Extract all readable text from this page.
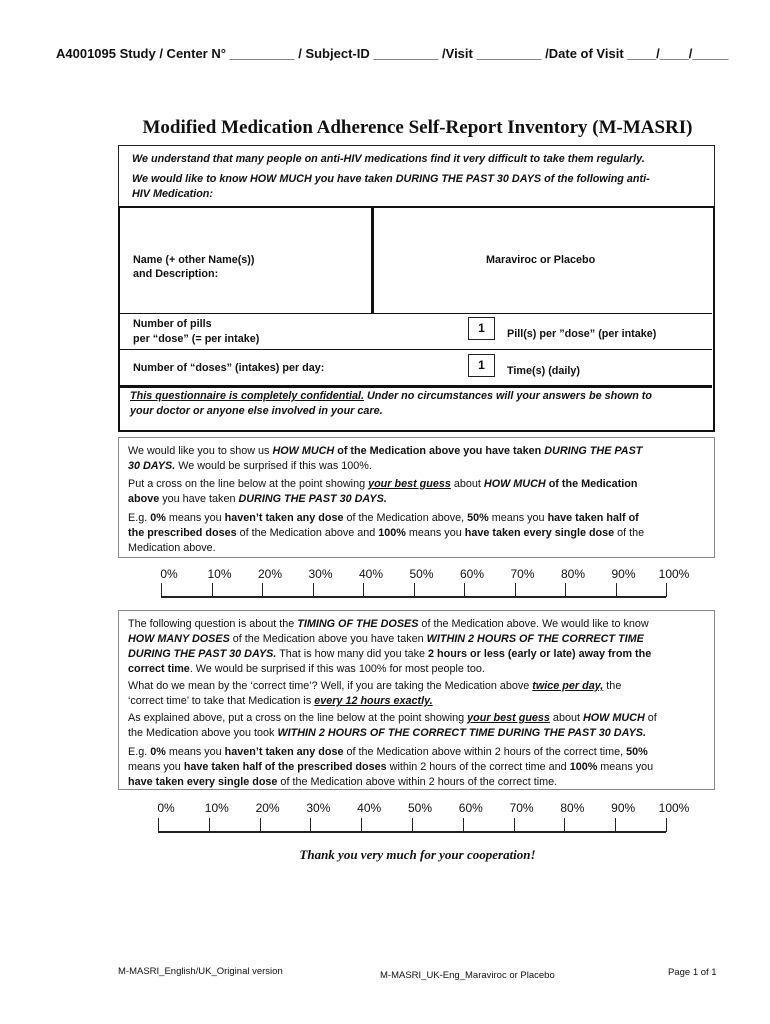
A4001095 Study / Center N° _________ / Subject-ID _________ /Visit _________ /Date of Visit ____/____/_____
Modified Medication Adherence Self-Report Inventory (M-MASRI)
We understand that many people on anti-HIV medications find it very difficult to take them regularly.
We would like to know HOW MUCH you have taken DURING THE PAST 30 DAYS of the following anti-
HIV Medication:
Name (+ other Name(s))
and Description:
Maraviroc or Placebo
Number of pills
per “dose” (= per intake)
1	Pill(s) per ”dose” (per intake)
Number of “doses” (intakes) per day:	1	Time(s) (daily)
This questionnaire is completely confidential. Under no circumstances will your answers be shown to
your doctor or anyone else involved in your care.
We would like you to show us HOW MUCH of the Medication above you have taken DURING THE PAST
30 DAYS. We would be surprised if this was 100%.
Put a cross on the line below at the point showing your best guess about HOW MUCH of the Medication
above you have taken DURING THE PAST 30 DAYS.
E.g. 0% means you haven’t taken any dose of the Medication above, 50% means you have taken half of
the prescribed doses of the Medication above and 100% means you have taken every single dose of the
Medication above.
0% 10% 20% 30% 40% 50% 60% 70% 80% 90% 100%
The following question is about the TIMING OF THE DOSES of the Medication above. We would like to know
HOW MANY DOSES of the Medication above you have taken WITHIN 2 HOURS OF THE CORRECT TIME
DURING THE PAST 30 DAYS. That is how many did you take 2 hours or less (early or late) away from the
correct time. We would be surprised if this was 100% for most people too.
What do we mean by the ‘correct time’? Well, if you are taking the Medication above twice per day, the
‘correct time’ to take that Medication is every 12 hours exactly.
As explained above, put a cross on the line below at the point showing your best guess about HOW MUCH of
the Medication above you took WITHIN 2 HOURS OF THE CORRECT TIME DURING THE PAST 30 DAYS.
E.g. 0% means you haven’t taken any dose of the Medication above within 2 hours of the correct time, 50%
means you have taken half of the prescribed doses within 2 hours of the correct time and 100% means you
have taken every single dose of the Medication above within 2 hours of the correct time.
0%	10% 20% 30% 40% 50% 60% 70% 80% 90% 100%
Thank you very much for your cooperation!
M-MASRI_English/UK_Original version	M-MASRI_UK-Eng_Maraviroc or Placebo	Page 1 of 1
